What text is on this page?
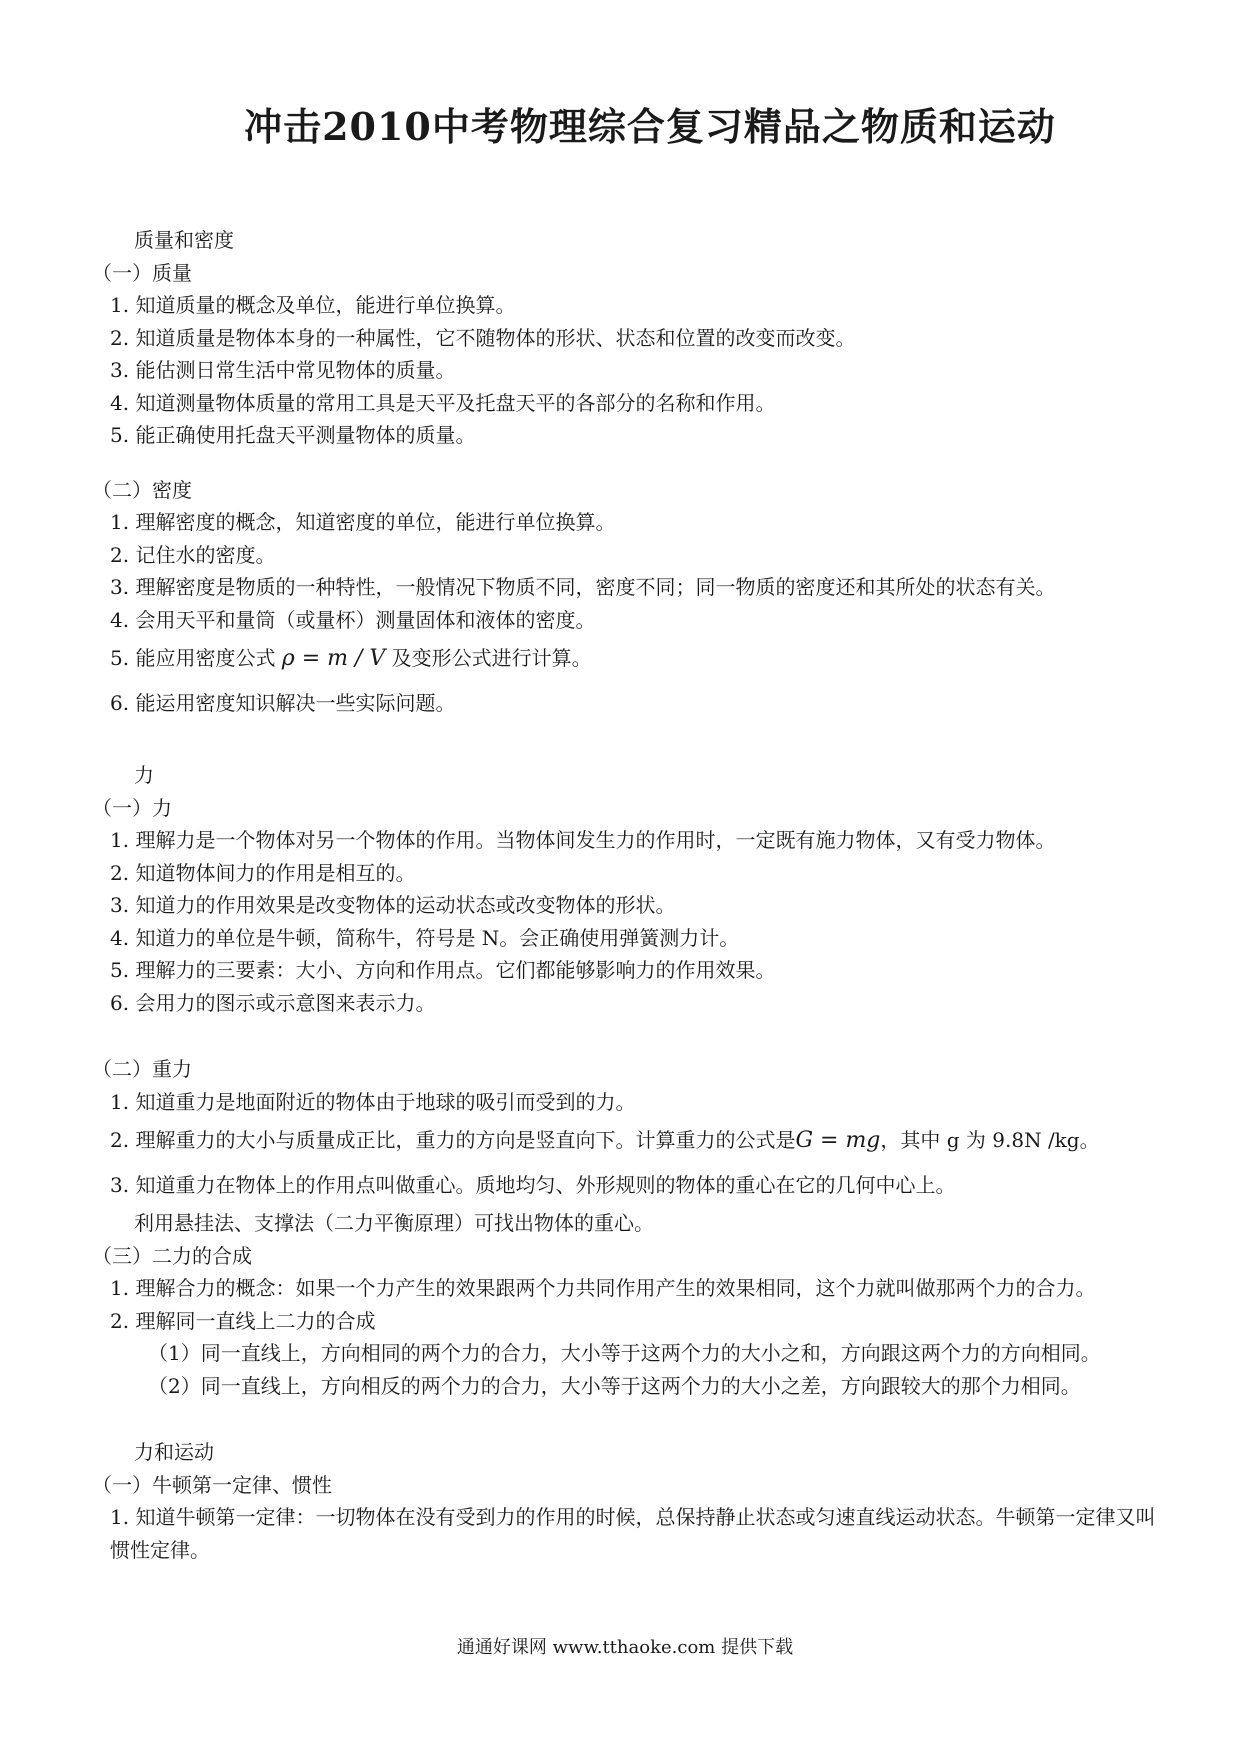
冲击2010中考物理综合复习精品之物质和运动
质量和密度
（一）质量
1. 知道质量的概念及单位，能进行单位换算。
2. 知道质量是物体本身的一种属性，它不随物体的形状、状态和位置的改变而改变。
3. 能估测日常生活中常见物体的质量。
4. 知道测量物体质量的常用工具是天平及托盘天平的各部分的名称和作用。
5. 能正确使用托盘天平测量物体的质量。
（二）密度
1. 理解密度的概念，知道密度的单位，能进行单位换算。
2. 记住水的密度。
3. 理解密度是物质的一种特性，一般情况下物质不同，密度不同；同一物质的密度还和其所处的状态有关。
4. 会用天平和量筒（或量杯）测量固体和液体的密度。
5. 能应用密度公式 ρ = m / V 及变形公式进行计算。
6. 能运用密度知识解决一些实际问题。
力
（一）力
1. 理解力是一个物体对另一个物体的作用。当物体间发生力的作用时，一定既有施力物体，又有受力物体。
2. 知道物体间力的作用是相互的。
3. 知道力的作用效果是改变物体的运动状态或改变物体的形状。
4. 知道力的单位是牛顿，简称牛，符号是 N。会正确使用弹簧测力计。
5. 理解力的三要素：大小、方向和作用点。它们都能够影响力的作用效果。
6. 会用力的图示或示意图来表示力。
（二）重力
1. 知道重力是地面附近的物体由于地球的吸引而受到的力。
2. 理解重力的大小与质量成正比，重力的方向是竖直向下。计算重力的公式是G = mg，其中 g 为 9.8N /kg。
3. 知道重力在物体上的作用点叫做重心。质地均匀、外形规则的物体的重心在它的几何中心上。
利用悬挂法、支撑法（二力平衡原理）可找出物体的重心。
（三）二力的合成
1. 理解合力的概念：如果一个力产生的效果跟两个力共同作用产生的效果相同，这个力就叫做那两个力的合力。
2. 理解同一直线上二力的合成
（1）同一直线上，方向相同的两个力的合力，大小等于这两个力的大小之和，方向跟这两个力的方向相同。
（2）同一直线上，方向相反的两个力的合力，大小等于这两个力的大小之差，方向跟较大的那个力相同。
力和运动
（一）牛顿第一定律、惯性
1. 知道牛顿第一定律：一切物体在没有受到力的作用的时候，总保持静止状态或匀速直线运动状态。牛顿第一定律又叫惯性定律。
通通好课网 www.tthaoke.com 提供下载
